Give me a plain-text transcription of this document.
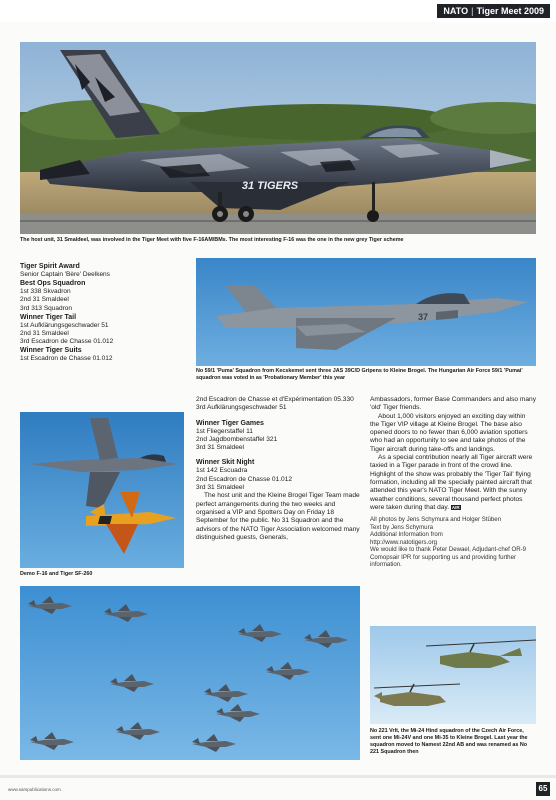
NATO | Tiger Meet 2009
31 TIGERS
The host unit, 31 Smaldeel, was involved in the Tiger Meet with five F-16AM/BMs. The most interesting F-16 was the one in the new grey Tiger scheme
Tiger Spirit Award
Senior Captain 'Bère' Deelkens
Best Ops Squadron
1st 338 Skvadron
2nd 31 Smaldeel
3rd 313 Squadron
Winner Tiger Tail
1st Aufklärungsgeschwader 51
2nd 31 Smaldeel
3rd Escadron de Chasse 01.012
Winner Tiger Suits
1st Escadron de Chasse 01.012
37
No 59/1 'Puma' Squadron from Kecskemet sent three JAS 39C/D Gripens to Kleine Brogel. The Hungarian Air Force 59/1 'Pumai' squadron was voted in as 'Probationary Member' this year
Demo F-16 and Tiger SF-260
2nd Escadron de Chasse et d'Expérimentation 05.330
3rd Aufklärungsgeschwader 51
Winner Tiger Games
1st Fliegerstaffel 11
2nd Jagdbombenstaffel 321
3rd 31 Smaldeel
Winner Skit Night
1st 142 Escuadra
2nd Escadron de Chasse 01.012
3rd 31 Smaldeel

The host unit and the Kleine Brogel Tiger Team made perfect arrangements during the two weeks and organised a VIP and Spotters Day on Friday 18 September for the public. No 31 Squadron and the advisors of the NATO Tiger Association welcomed many distinguished guests, Generals,

Ambassadors, former Base Commanders and also many 'old' Tiger friends.

About 1,000 visitors enjoyed an exciting day within the Tiger VIP village at Kleine Brogel. The base also opened doors to no fewer than 6,000 aviation spotters who had an opportunity to see and take photos of the Tiger aircraft during take-offs and landings.

As a special contribution nearly all Tiger aircraft were taxied in a Tiger parade in front of the crowd line. Highlight of the show was probably the 'Tiger Tail' flying formation, including all the specially painted aircraft that attended this year's NATO Tiger Meet. With the sunny weather conditions, several thousand perfect photos were taken during that day. AIR

All photos by Jens Schymura and Holger Stüben
Text by Jens Schymura
Additional Information from
http://www.natotigers.org
We would like to thank Peter Dewael, Adjudant-chef OR-9 Comopsair IPR for supporting us and providing further information.
No 221 Vrlt, the Mi-24 Hind squadron of the Czech Air Force, sent one Mi-24V and one Mi-35 to Kleine Brogel. Last year the squadron moved to Namest 22nd AB and was renamed as No 221 Squadron then
www.sampublications.com	65
